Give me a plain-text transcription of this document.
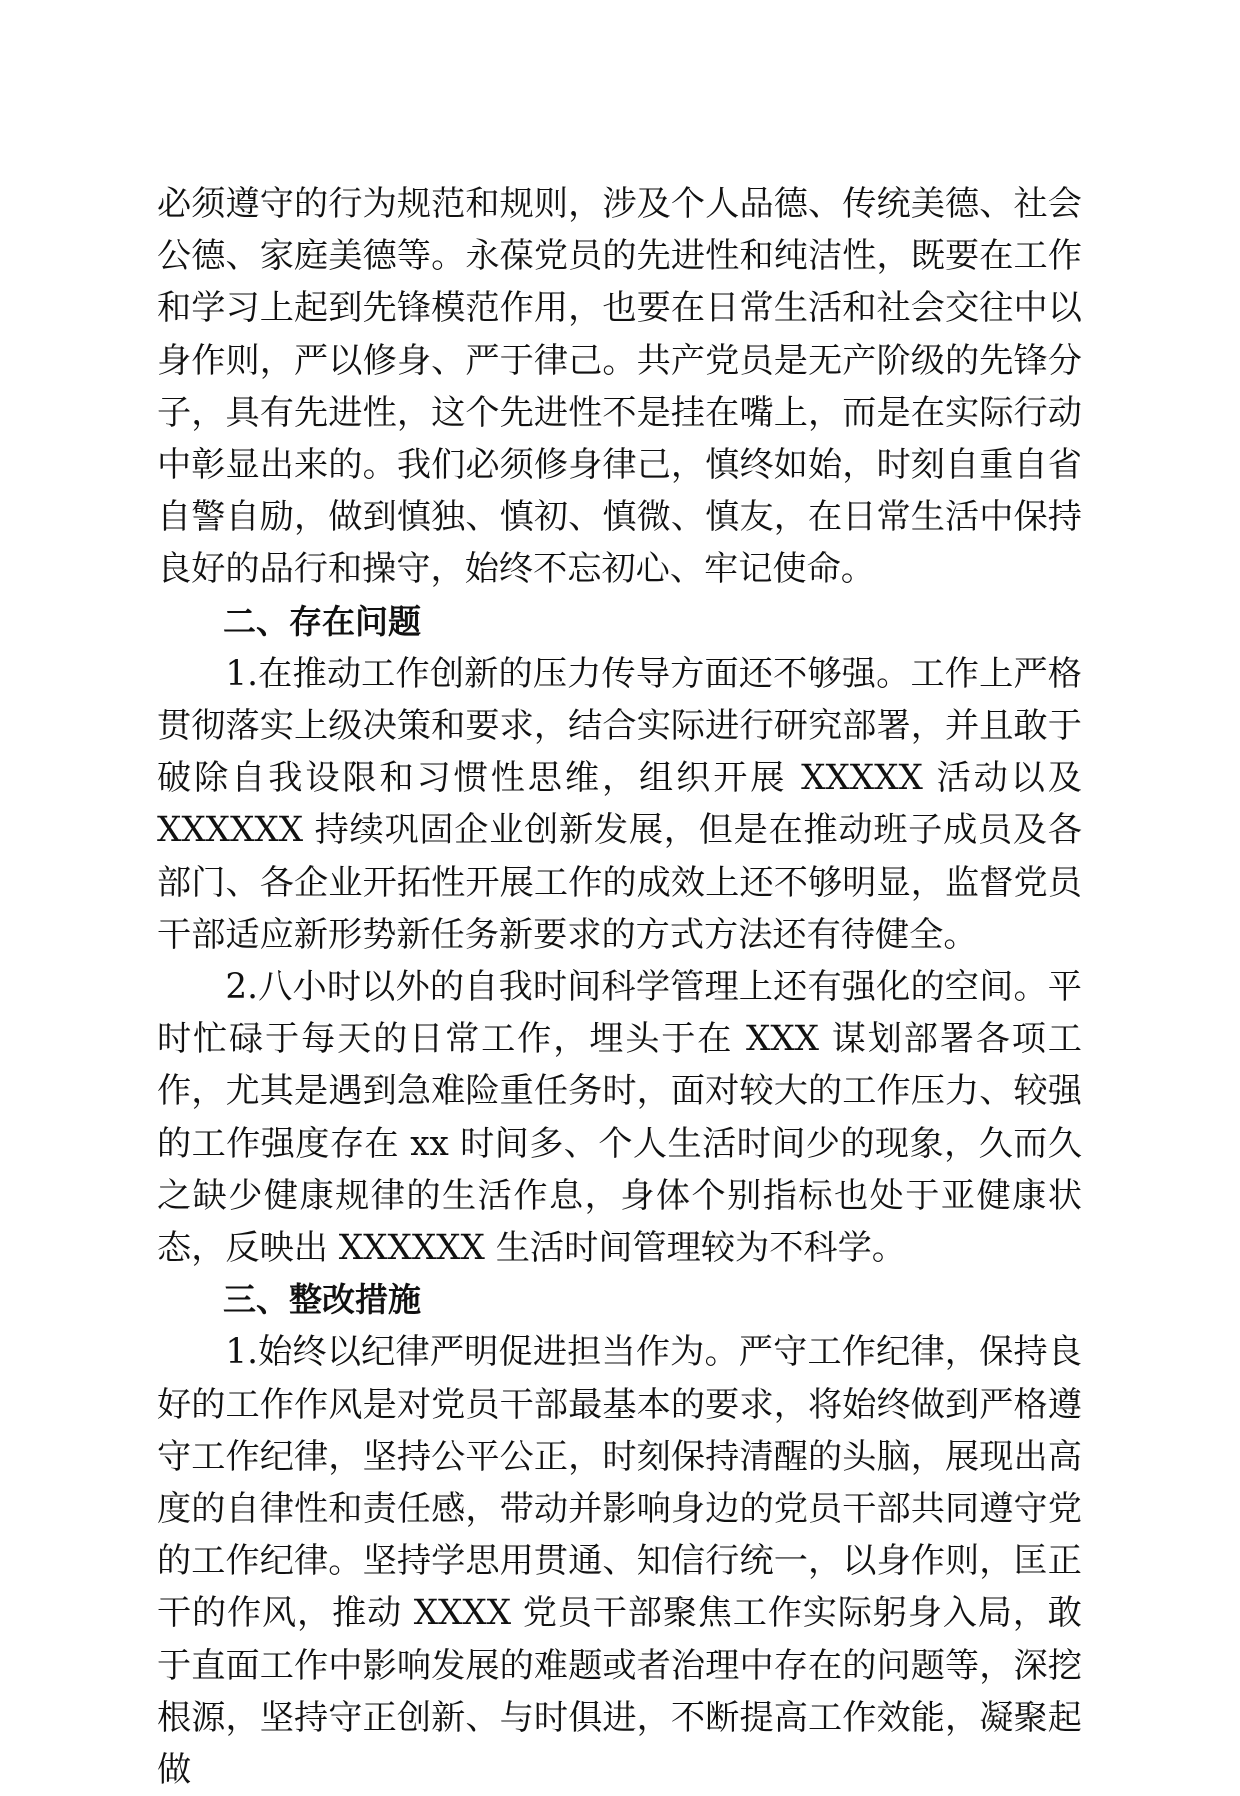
必须遵守的行为规范和规则，涉及个人品德、传统美德、社会公德、家庭美德等。永葆党员的先进性和纯洁性，既要在工作和学习上起到先锋模范作用，也要在日常生活和社会交往中以身作则，严以修身、严于律己。共产党员是无产阶级的先锋分子，具有先进性，这个先进性不是挂在嘴上，而是在实际行动中彰显出来的。我们必须修身律己，慎终如始，时刻自重自省自警自励，做到慎独、慎初、慎微、慎友，在日常生活中保持良好的品行和操守，始终不忘初心、牢记使命。

二、存在问题

1.在推动工作创新的压力传导方面还不够强。工作上严格贯彻落实上级决策和要求，结合实际进行研究部署，并且敢于破除自我设限和习惯性思维，组织开展 XXXXX 活动以及 XXXXXX 持续巩固企业创新发展，但是在推动班子成员及各部门、各企业开拓性开展工作的成效上还不够明显，监督党员干部适应新形势新任务新要求的方式方法还有待健全。

2.八小时以外的自我时间科学管理上还有强化的空间。平时忙碌于每天的日常工作，埋头于在 XXX 谋划部署各项工作，尤其是遇到急难险重任务时，面对较大的工作压力、较强的工作强度存在 xx 时间多、个人生活时间少的现象，久而久之缺少健康规律的生活作息，身体个别指标也处于亚健康状态，反映出 XXXXXX 生活时间管理较为不科学。

三、整改措施

1.始终以纪律严明促进担当作为。严守工作纪律，保持良好的工作作风是对党员干部最基本的要求，将始终做到严格遵守工作纪律，坚持公平公正，时刻保持清醒的头脑，展现出高度的自律性和责任感，带动并影响身边的党员干部共同遵守党的工作纪律。坚持学思用贯通、知信行统一，以身作则，匡正干的作风，推动 XXXX 党员干部聚焦工作实际躬身入局，敢于直面工作中影响发展的难题或者治理中存在的问题等，深挖根源，坚持守正创新、与时俱进，不断提高工作效能，凝聚起做
